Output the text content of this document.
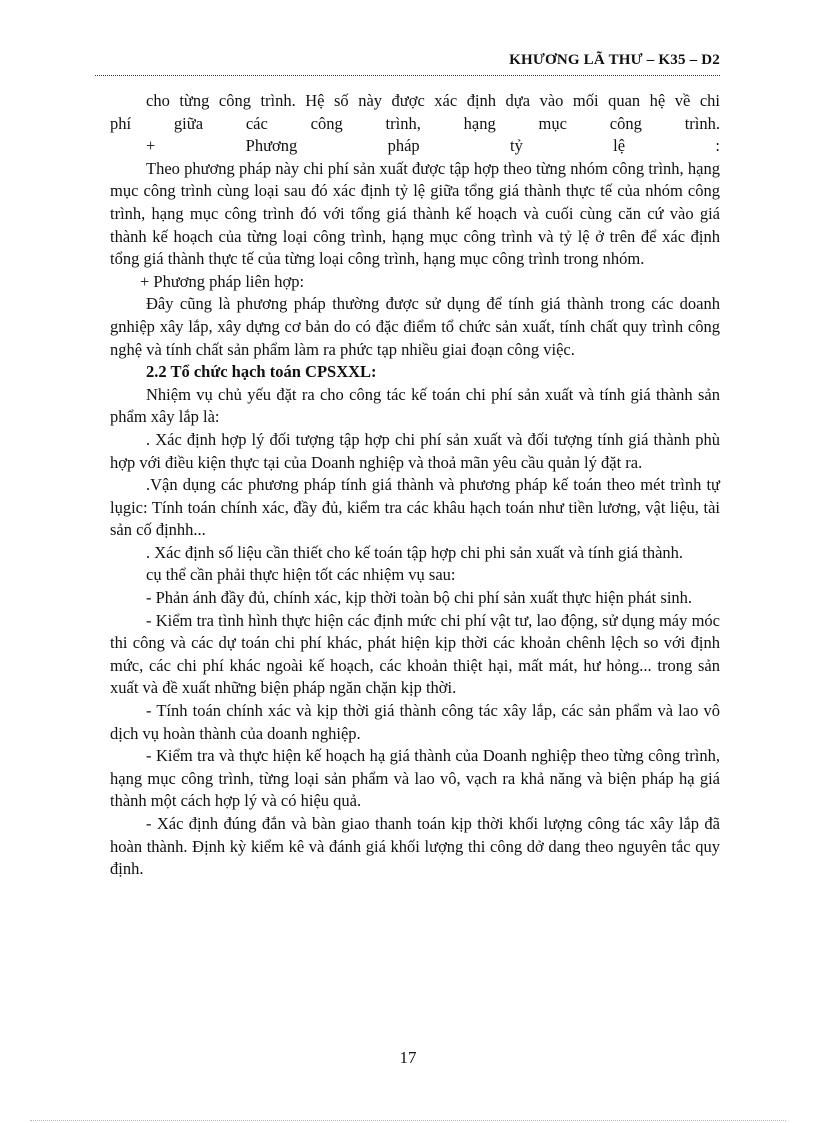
KHƯƠNG LÃ THƯ – K35 – D2

cho từng công trình. Hệ số này được xác định dựa vào mối quan hệ về chi

phí giữa các công trình, hạng mục công trình.

+ Phương pháp tỷ lệ :

Theo phương pháp này chi phí sản xuất được tập hợp theo từng nhóm công trình, hạng mục công trình cùng loại sau đó xác định tỷ lệ giữa tổng giá thành thực tế của nhóm công trình, hạng mục công trình đó với tổng giá thành kế hoạch và cuối cùng căn cứ vào giá thành kế hoạch của từng loại công trình, hạng mục công trình và tỷ lệ ở trên để xác định tổng giá thành thực tế của từng loại công trình, hạng mục công trình trong nhóm.

+ Phương pháp liên hợp:

Đây cũng là phương pháp thường được sử dụng để tính giá thành trong các doanh gnhiệp xây lắp, xây dựng cơ bản do có đặc điểm tổ chức sản xuất, tính chất quy trình công nghệ và tính chất sản phẩm làm ra phức tạp nhiều giai đoạn công việc.

2.2 Tổ chức hạch toán CPSXXL:

Nhiệm vụ chủ yếu đặt ra cho công tác kế toán chi phí sản xuất và tính giá thành sản phẩm xây lắp là:

. Xác định hợp lý đối tượng tập hợp chi phí sản xuất và đối tượng tính giá thành phù hợp với điều kiện thực tại của Doanh nghiệp và thoả mãn yêu cầu quản lý đặt ra.

.Vận dụng các phương pháp tính giá thành và phương pháp kế toán theo mét trình tự lụgic: Tính toán chính xác, đầy đủ, kiểm tra các khâu hạch toán như tiền lương, vật liệu, tài sản cố địnhh...

. Xác định số liệu cần thiết cho kế toán tập hợp chi phi sản xuất và tính giá thành.

cụ thể cần phải thực hiện tốt các nhiệm vụ sau:

- Phản ánh đầy đủ, chính xác, kịp thời toàn bộ chi phí sản xuất thực hiện phát sinh.

- Kiểm tra tình hình thực hiện các định mức chi phí vật tư, lao động, sử dụng máy móc thi công và các dự toán chi phí khác, phát hiện kịp thời các khoản chênh lệch so với định mức, các chi phí khác ngoài kế hoạch, các khoản thiệt hại, mất mát, hư hỏng... trong sản xuất và đề xuất những biện pháp ngăn chặn kịp thời.

- Tính toán chính xác và kịp thời giá thành công tác xây lắp, các sản phẩm và lao vô dịch vụ hoàn thành của doanh nghiệp.

- Kiểm tra và thực hiện kế hoạch hạ giá thành của Doanh nghiệp theo từng công trình, hạng mục công trình, từng loại sản phẩm và lao vô, vạch ra khả năng và biện pháp hạ giá thành một cách hợp lý và có hiệu quả.

- Xác định đúng đắn và bàn giao thanh toán kịp thời khối lượng công tác xây lắp đã hoàn thành. Định kỳ kiểm kê và đánh giá khối lượng thi công dở dang theo nguyên tắc quy định.

17
